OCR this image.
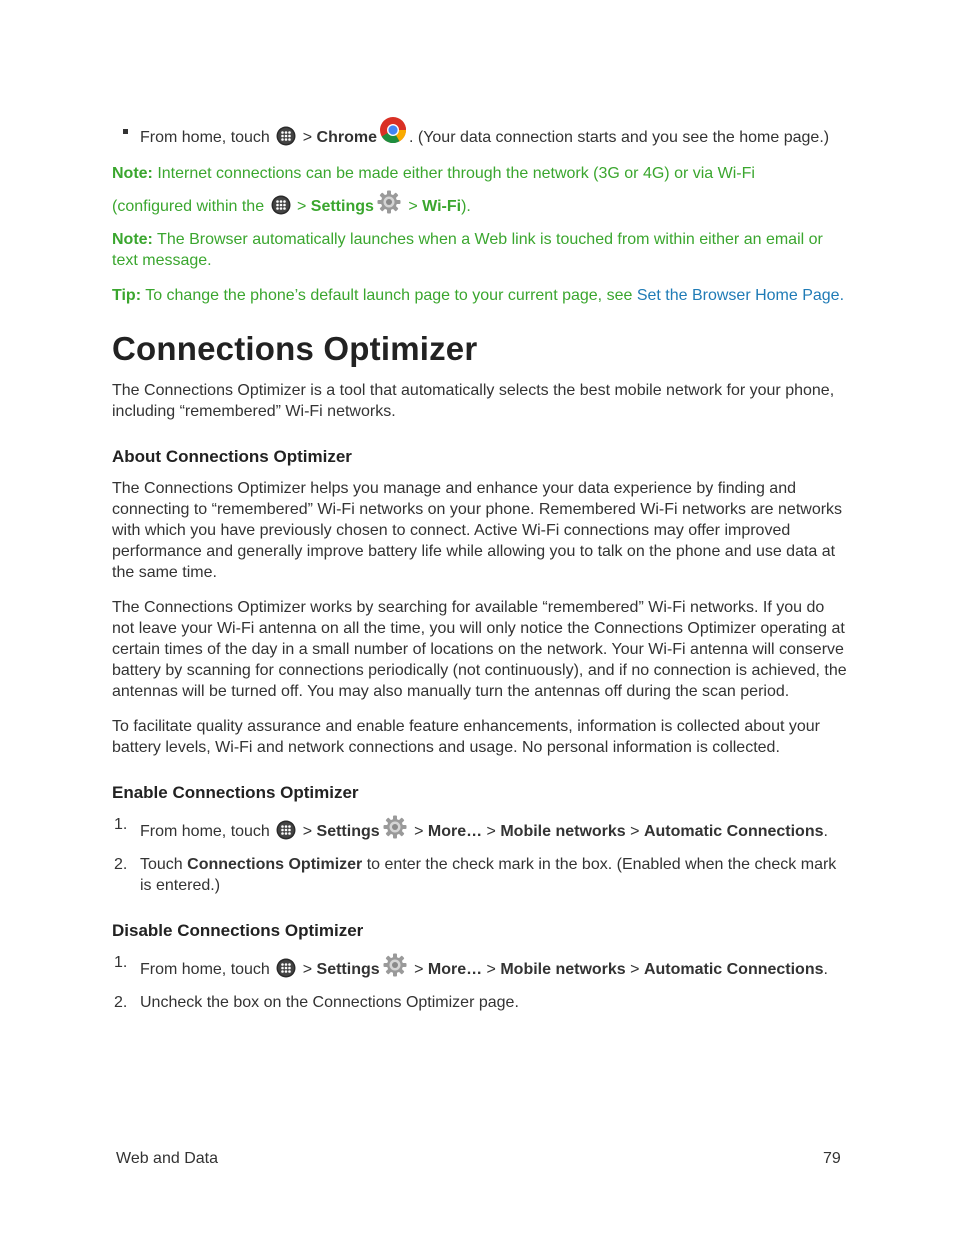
From home, touch
> Chrome . (Your data connection starts and you see the home page.)
Note: Internet connections can be made either through the network (3G or 4G) or via Wi-Fi
(configured within the
> Settings
> Wi-Fi).

Note: The Browser automatically launches when a Web link is touched from within either an email or text message.

Tip: To change the phone’s default launch page to your current page, see Set the Browser Home Page.

Connections Optimizer

The Connections Optimizer is a tool that automatically selects the best mobile network for your phone, including “remembered” Wi-Fi networks.

About Connections Optimizer

The Connections Optimizer helps you manage and enhance your data experience by finding and connecting to “remembered” Wi-Fi networks on your phone. Remembered Wi-Fi networks are networks with which you have previously chosen to connect. Active Wi-Fi connections may offer improved performance and generally improve battery life while allowing you to talk on the phone and use data at the same time.

The Connections Optimizer works by searching for available “remembered” Wi-Fi networks. If you do not leave your Wi-Fi antenna on all the time, you will only notice the Connections Optimizer operating at certain times of the day in a small number of locations on the network. Your Wi-Fi antenna will conserve battery by scanning for connections periodically (not continuously), and if no connection is achieved, the antennas will be turned off. You may also manually turn the antennas off during the scan period.

To facilitate quality assurance and enable feature enhancements, information is collected about your battery levels, Wi-Fi and network connections and usage. No personal information is collected.

Enable Connections Optimizer
1. From home, touch
> Settings
> More… > Mobile networks > Automatic Connections.
2. Touch Connections Optimizer to enter the check mark in the box. (Enabled when the check mark is entered.)
Disable Connections Optimizer
1. From home, touch
> Settings
> More… > Mobile networks > Automatic Connections.
2. Uncheck the box on the Connections Optimizer page.
Web and Data	79
